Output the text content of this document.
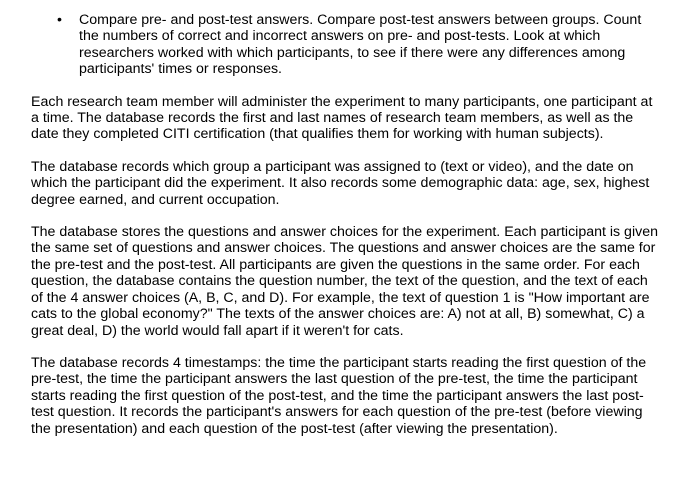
• Compare pre- and post-test answers. Compare post-test answers between groups. Count the numbers of correct and incorrect answers on pre- and post-tests. Look at which researchers worked with which participants, to see if there were any differences among participants' times or responses.

Each research team member will administer the experiment to many participants, one participant at a time. The database records the first and last names of research team members, as well as the date they completed CITI certification (that qualifies them for working with human subjects).

The database records which group a participant was assigned to (text or video), and the date on which the participant did the experiment. It also records some demographic data: age, sex, highest degree earned, and current occupation.

The database stores the questions and answer choices for the experiment. Each participant is given the same set of questions and answer choices. The questions and answer choices are the same for the pre-test and the post-test. All participants are given the questions in the same order. For each question, the database contains the question number, the text of the question, and the text of each of the 4 answer choices (A, B, C, and D). For example, the text of question 1 is "How important are cats to the global economy?" The texts of the answer choices are: A) not at all, B) somewhat, C) a great deal, D) the world would fall apart if it weren't for cats.

The database records 4 timestamps: the time the participant starts reading the first question of the pre-test, the time the participant answers the last question of the pre-test, the time the participant starts reading the first question of the post-test, and the time the participant answers the last post-test question. It records the participant's answers for each question of the pre-test (before viewing the presentation) and each question of the post-test (after viewing the presentation).
